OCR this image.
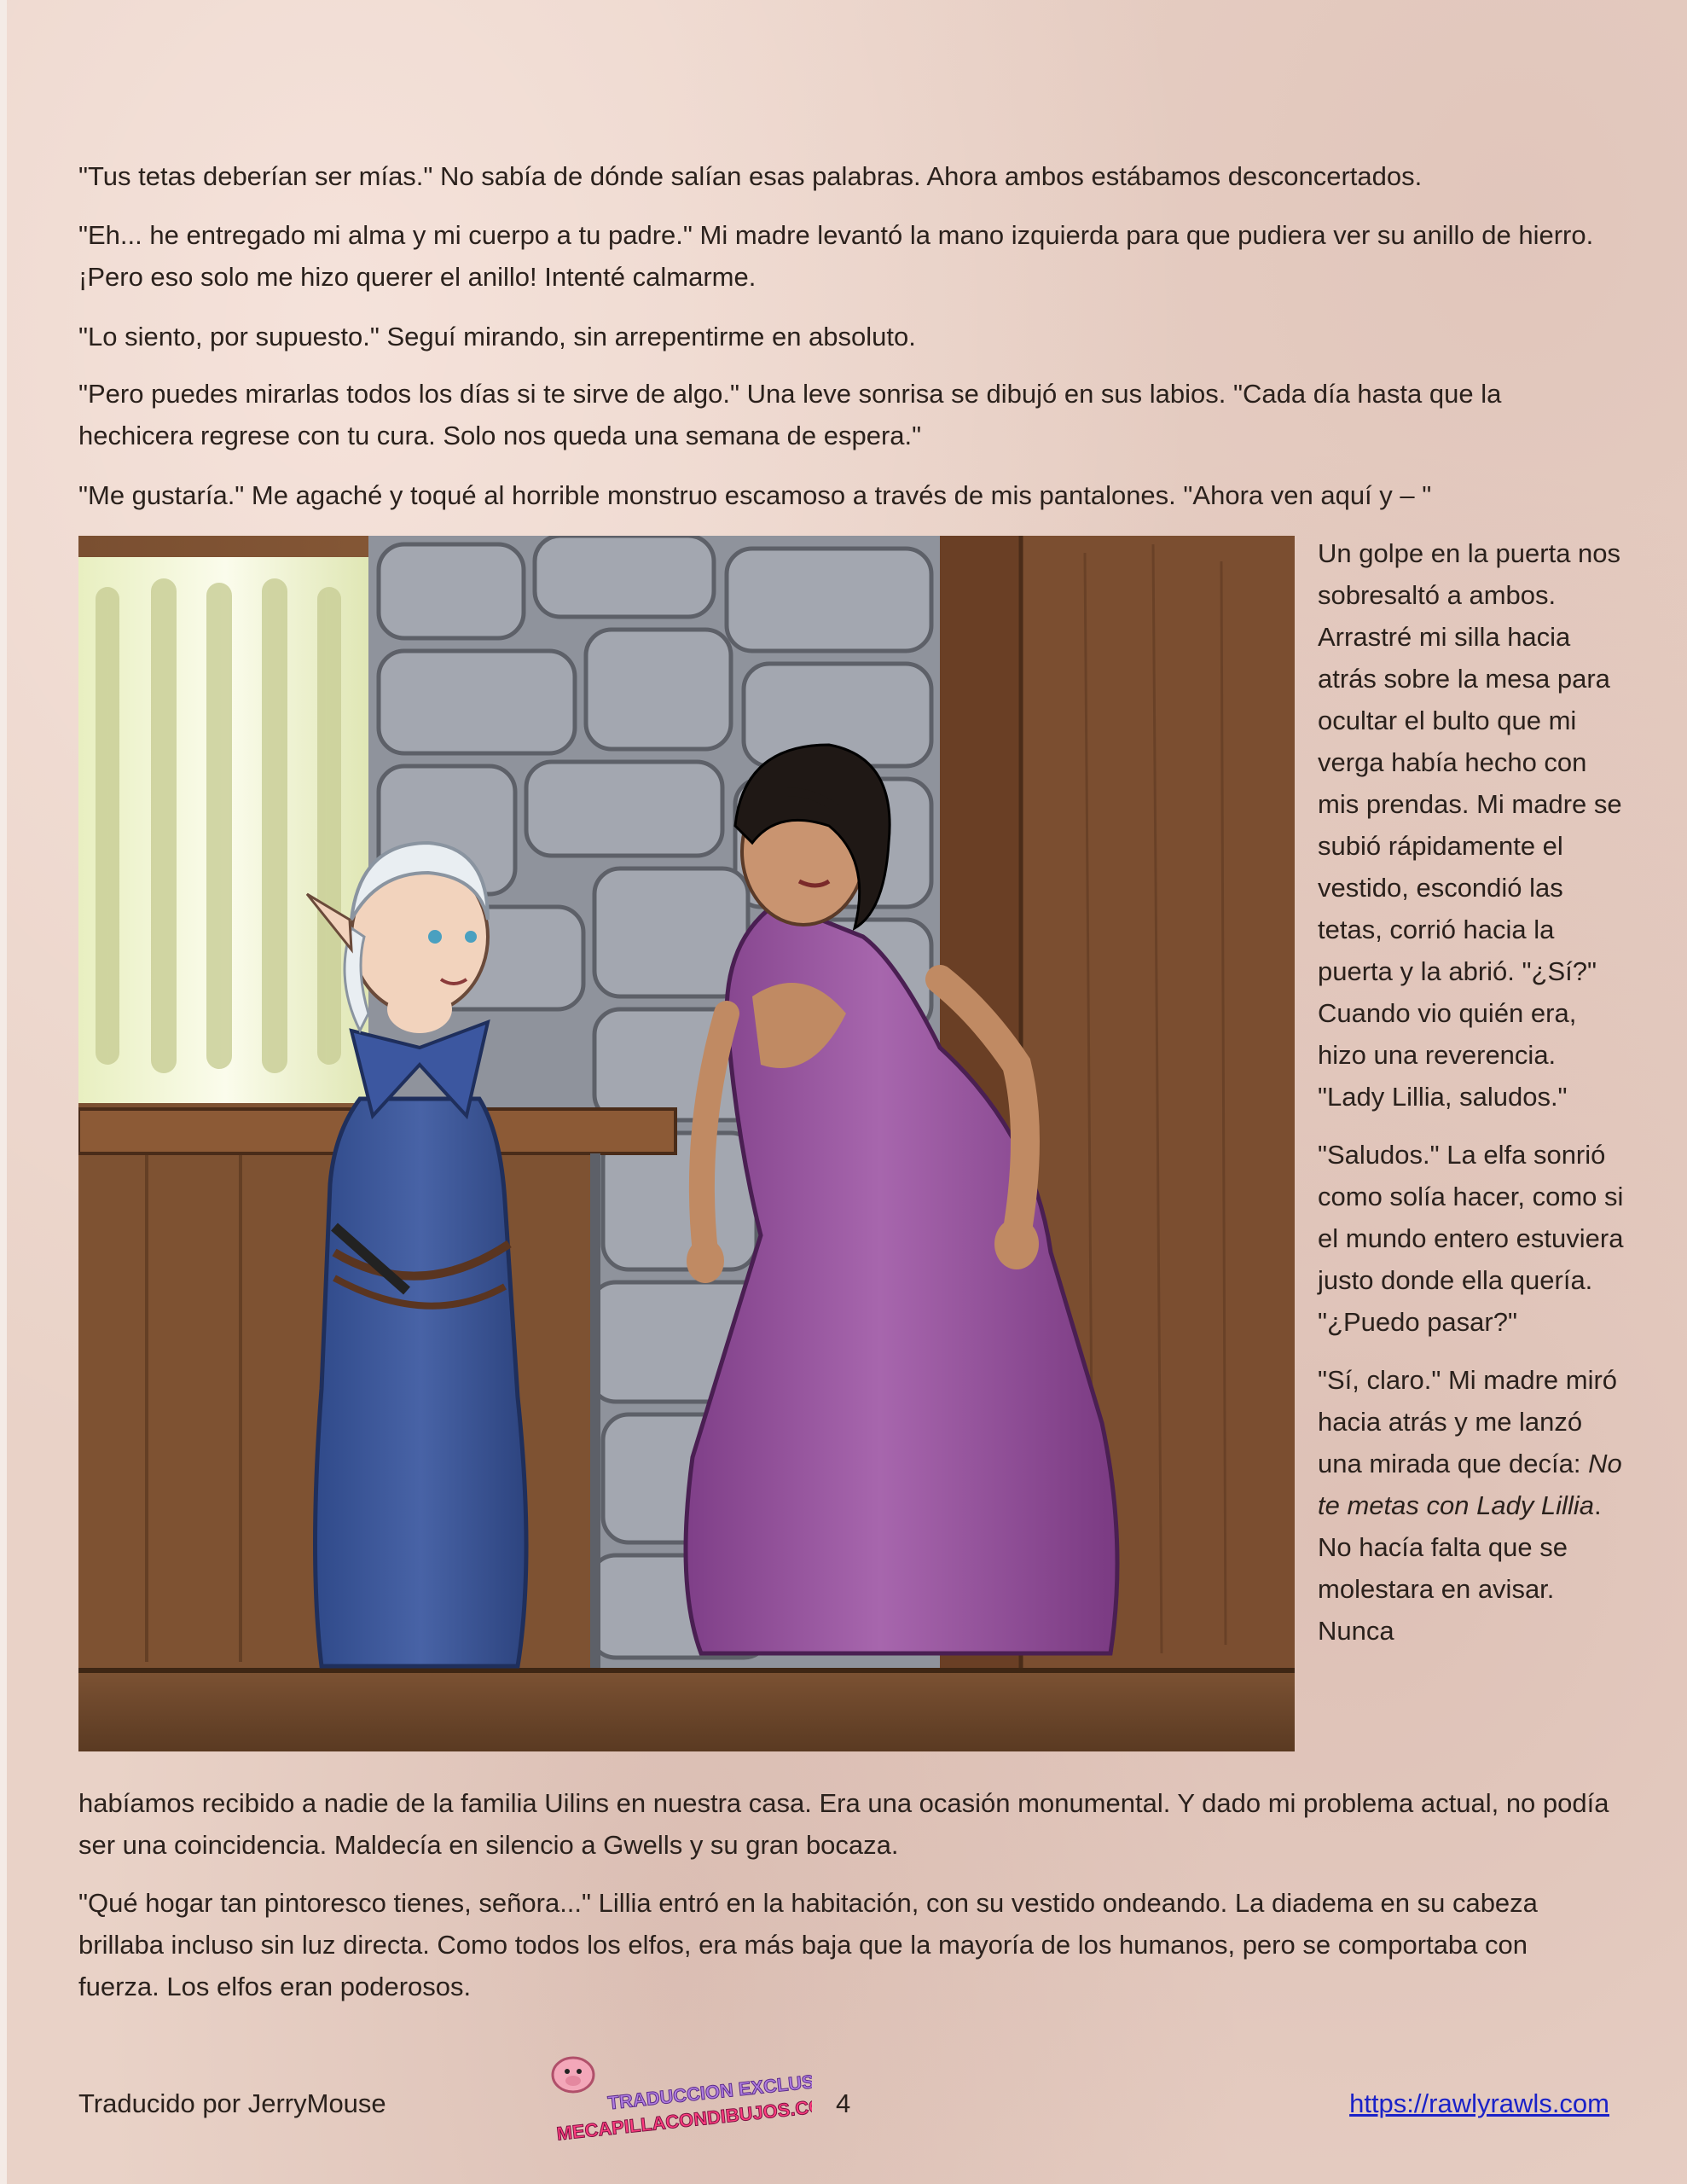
"Tus tetas deberían ser mías." No sabía de dónde salían esas palabras. Ahora ambos estábamos desconcertados.

"Eh... he entregado mi alma y mi cuerpo a tu padre." Mi madre levantó la mano izquierda para que pudiera ver su anillo de hierro. ¡Pero eso solo me hizo querer el anillo! Intenté calmarme.

"Lo siento, por supuesto." Seguí mirando, sin arrepentirme en absoluto.

"Pero puedes mirarlas todos los días si te sirve de algo." Una leve sonrisa se dibujó en sus labios. "Cada día hasta que la hechicera regrese con tu cura. Solo nos queda una semana de espera."

"Me gustaría." Me agaché y toqué al horrible monstruo escamoso a través de mis pantalones. "Ahora ven aquí y – "

Un golpe en la puerta nos sobresaltó a ambos. Arrastré mi silla hacia atrás sobre la mesa para ocultar el bulto que mi verga había hecho con mis prendas. Mi madre se subió rápidamente el vestido, escondió las tetas, corrió hacia la puerta y la abrió. "¿Sí?" Cuando vio quién era, hizo una reverencia. "Lady Lillia, saludos."

"Saludos." La elfa sonrió como solía hacer, como si el mundo entero estuviera justo donde ella quería. "¿Puedo pasar?"

"Sí, claro." Mi madre miró hacia atrás y me lanzó una mirada que decía: No te metas con Lady Lillia. No hacía falta que se molestara en avisar. Nunca

habíamos recibido a nadie de la familia Uilins en nuestra casa. Era una ocasión monumental. Y dado mi problema actual, no podía ser una coincidencia. Maldecía en silencio a Gwells y su gran bocaza.

"Qué hogar tan pintoresco tienes, señora..." Lillia entró en la habitación, con su vestido ondeando. La diadema en su cabeza brillaba incluso sin luz directa. Como todos los elfos, era más baja que la mayoría de los humanos, pero se comportaba con fuerza. Los elfos eran poderosos.

Traducido por JerryMouse	TRADUCCION EXCLUSIVA
MECAPILLACONDIBUJOS.COM
4	https://rawlyrawls.com
